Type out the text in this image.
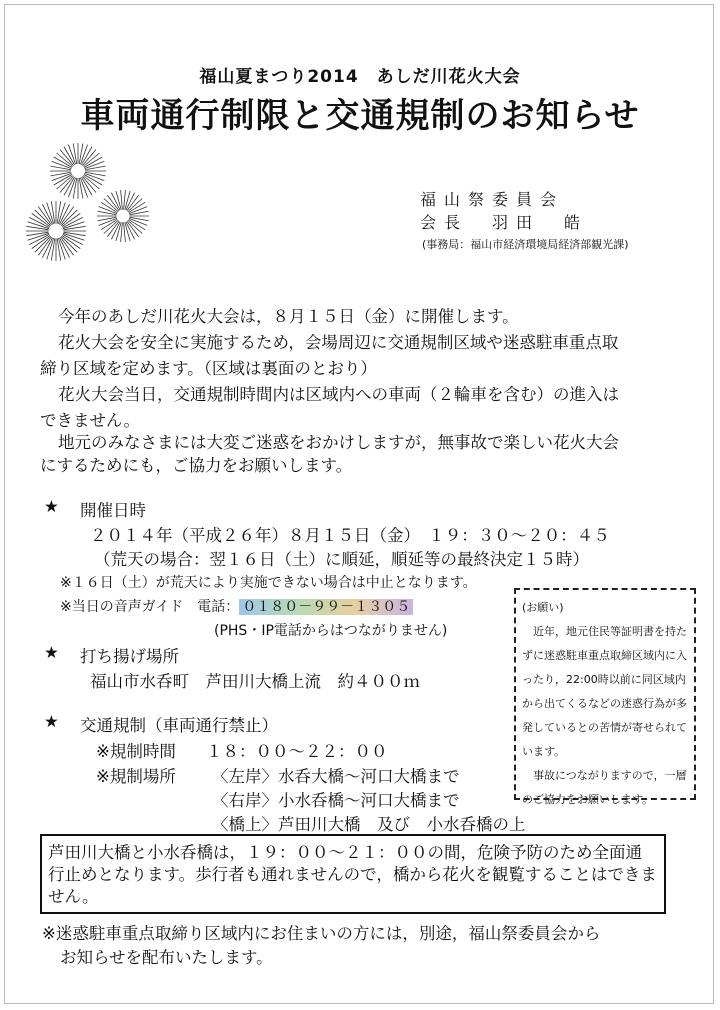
福山夏まつり2014　あしだ川花火大会
車両通行制限と交通規制のお知らせ
福山祭委員会
会長　羽田　皓
(事務局：福山市経済環境局経済部観光課)
今年のあしだ川花火大会は，８月１５日（金）に開催します。
花火大会を安全に実施するため，会場周辺に交通規制区域や迷惑駐車重点取
締り区域を定めます。（区域は裏面のとおり）
花火大会当日，交通規制時間内は区域内への車両（２輪車を含む）の進入は
できません。
地元のみなさまには大変ご迷惑をおかけしますが，無事故で楽しい花火大会
にするためにも，ご協力をお願いします。
★ 開催日時
２０１４年（平成２６年）８月１５日（金）　１９：３０～２０：４５
（荒天の場合：翌１６日（土）に順延，順延等の最終決定１５時）
※１６日（土）が荒天により実施できない場合は中止となります。
※当日の音声ガイド　電話： ０１８０－９９－１３０５
(PHS・IP電話からはつながりません)
★ 打ち揚げ場所
福山市水呑町　芦田川大橋上流　約４００ｍ
★ 交通規制（車両通行禁止）
※規制時間 １８：００～２２：００
※規制場所 〈左岸〉水呑大橋～河口大橋まで
〈右岸〉小水呑橋～河口大橋まで
〈橋上〉芦田川大橋　及び　小水呑橋の上
(お願い)
　近年，地元住民等証明書を持たずに迷惑駐車重点取締区域内に入ったり，22:00時以前に同区域内から出てくるなどの迷惑行為が多発しているとの苦情が寄せられています。
　事故につながりますので，一層のご協力をお願いします。
芦田川大橋と小水呑橋は，１９：００～２１：００の間，危険予防のため全面通行止めとなります。歩行者も通れませんので，橋から花火を観覧することはできません。
※迷惑駐車重点取締り区域内にお住まいの方には，別途，福山祭委員会から
お知らせを配布いたします。
